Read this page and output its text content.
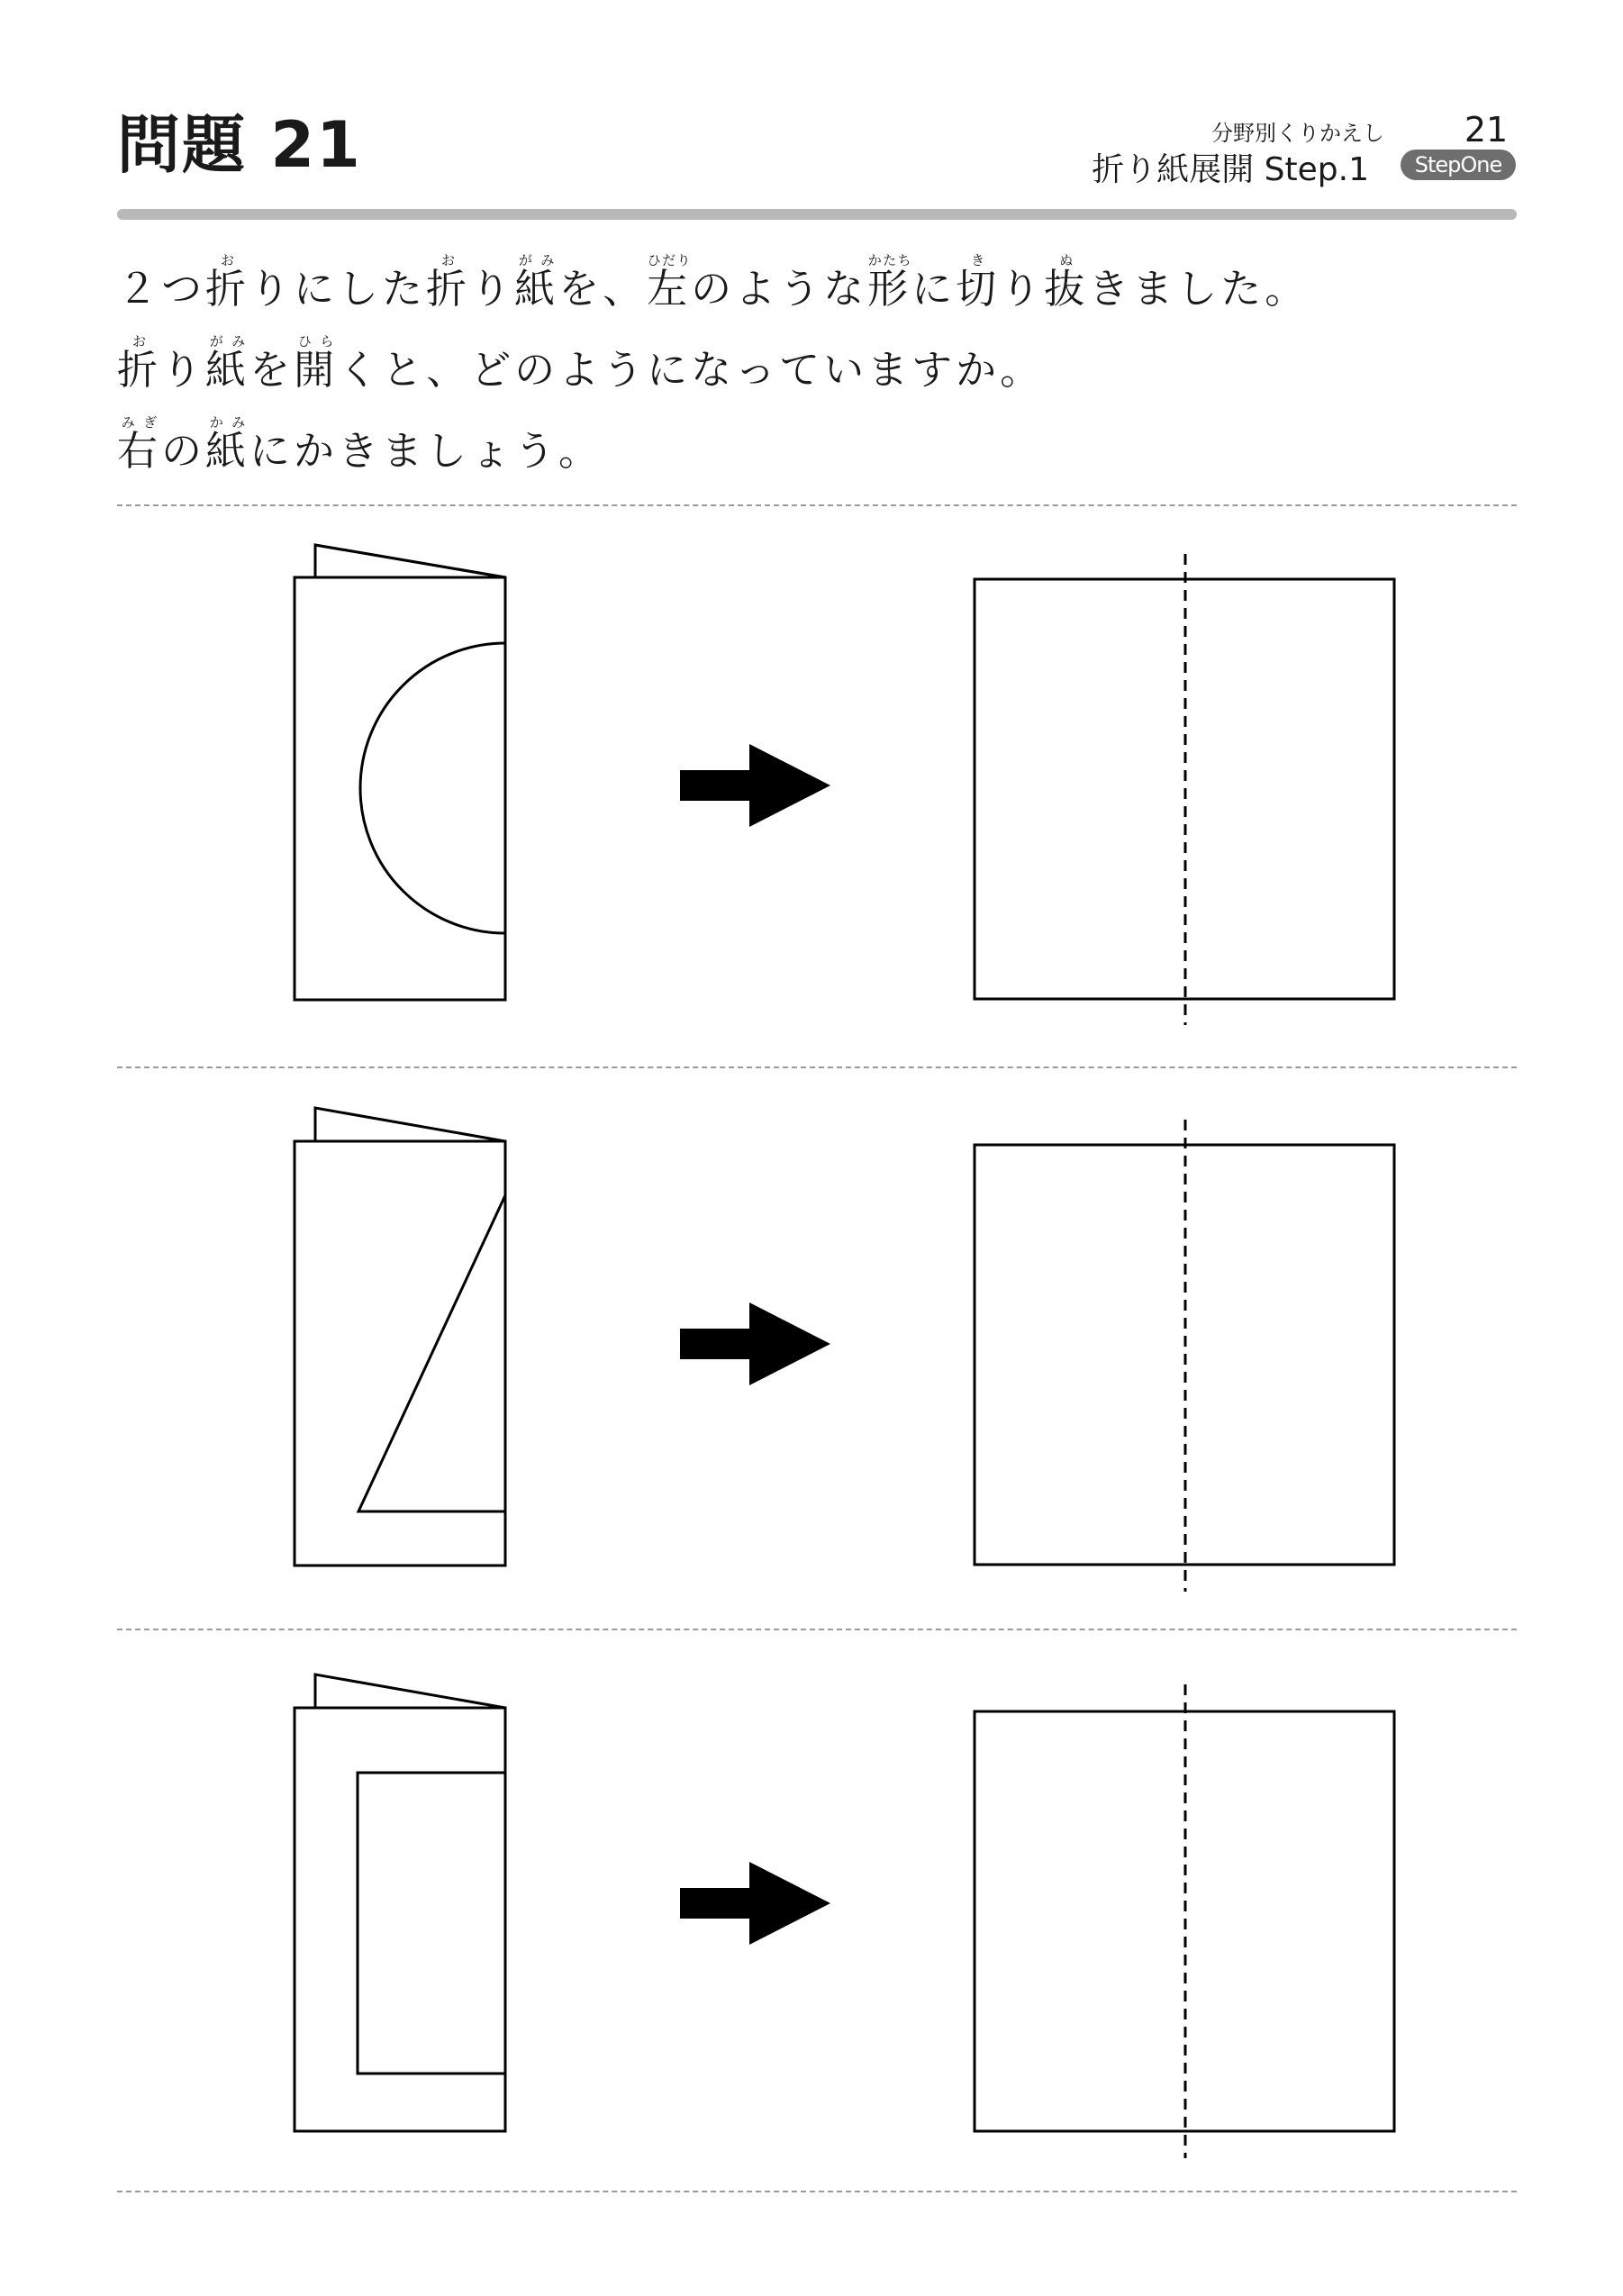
問題 21	分野別くりかえし
折り紙展開 Step.1
21
StepOne
２つ折おりにした折おり紙がみを、左ひだりのような形かたちに切きり抜ぬきました。
折おり紙がみを開ひらくと、どのようになっていますか。
右みぎの紙かみにかきましょう。
